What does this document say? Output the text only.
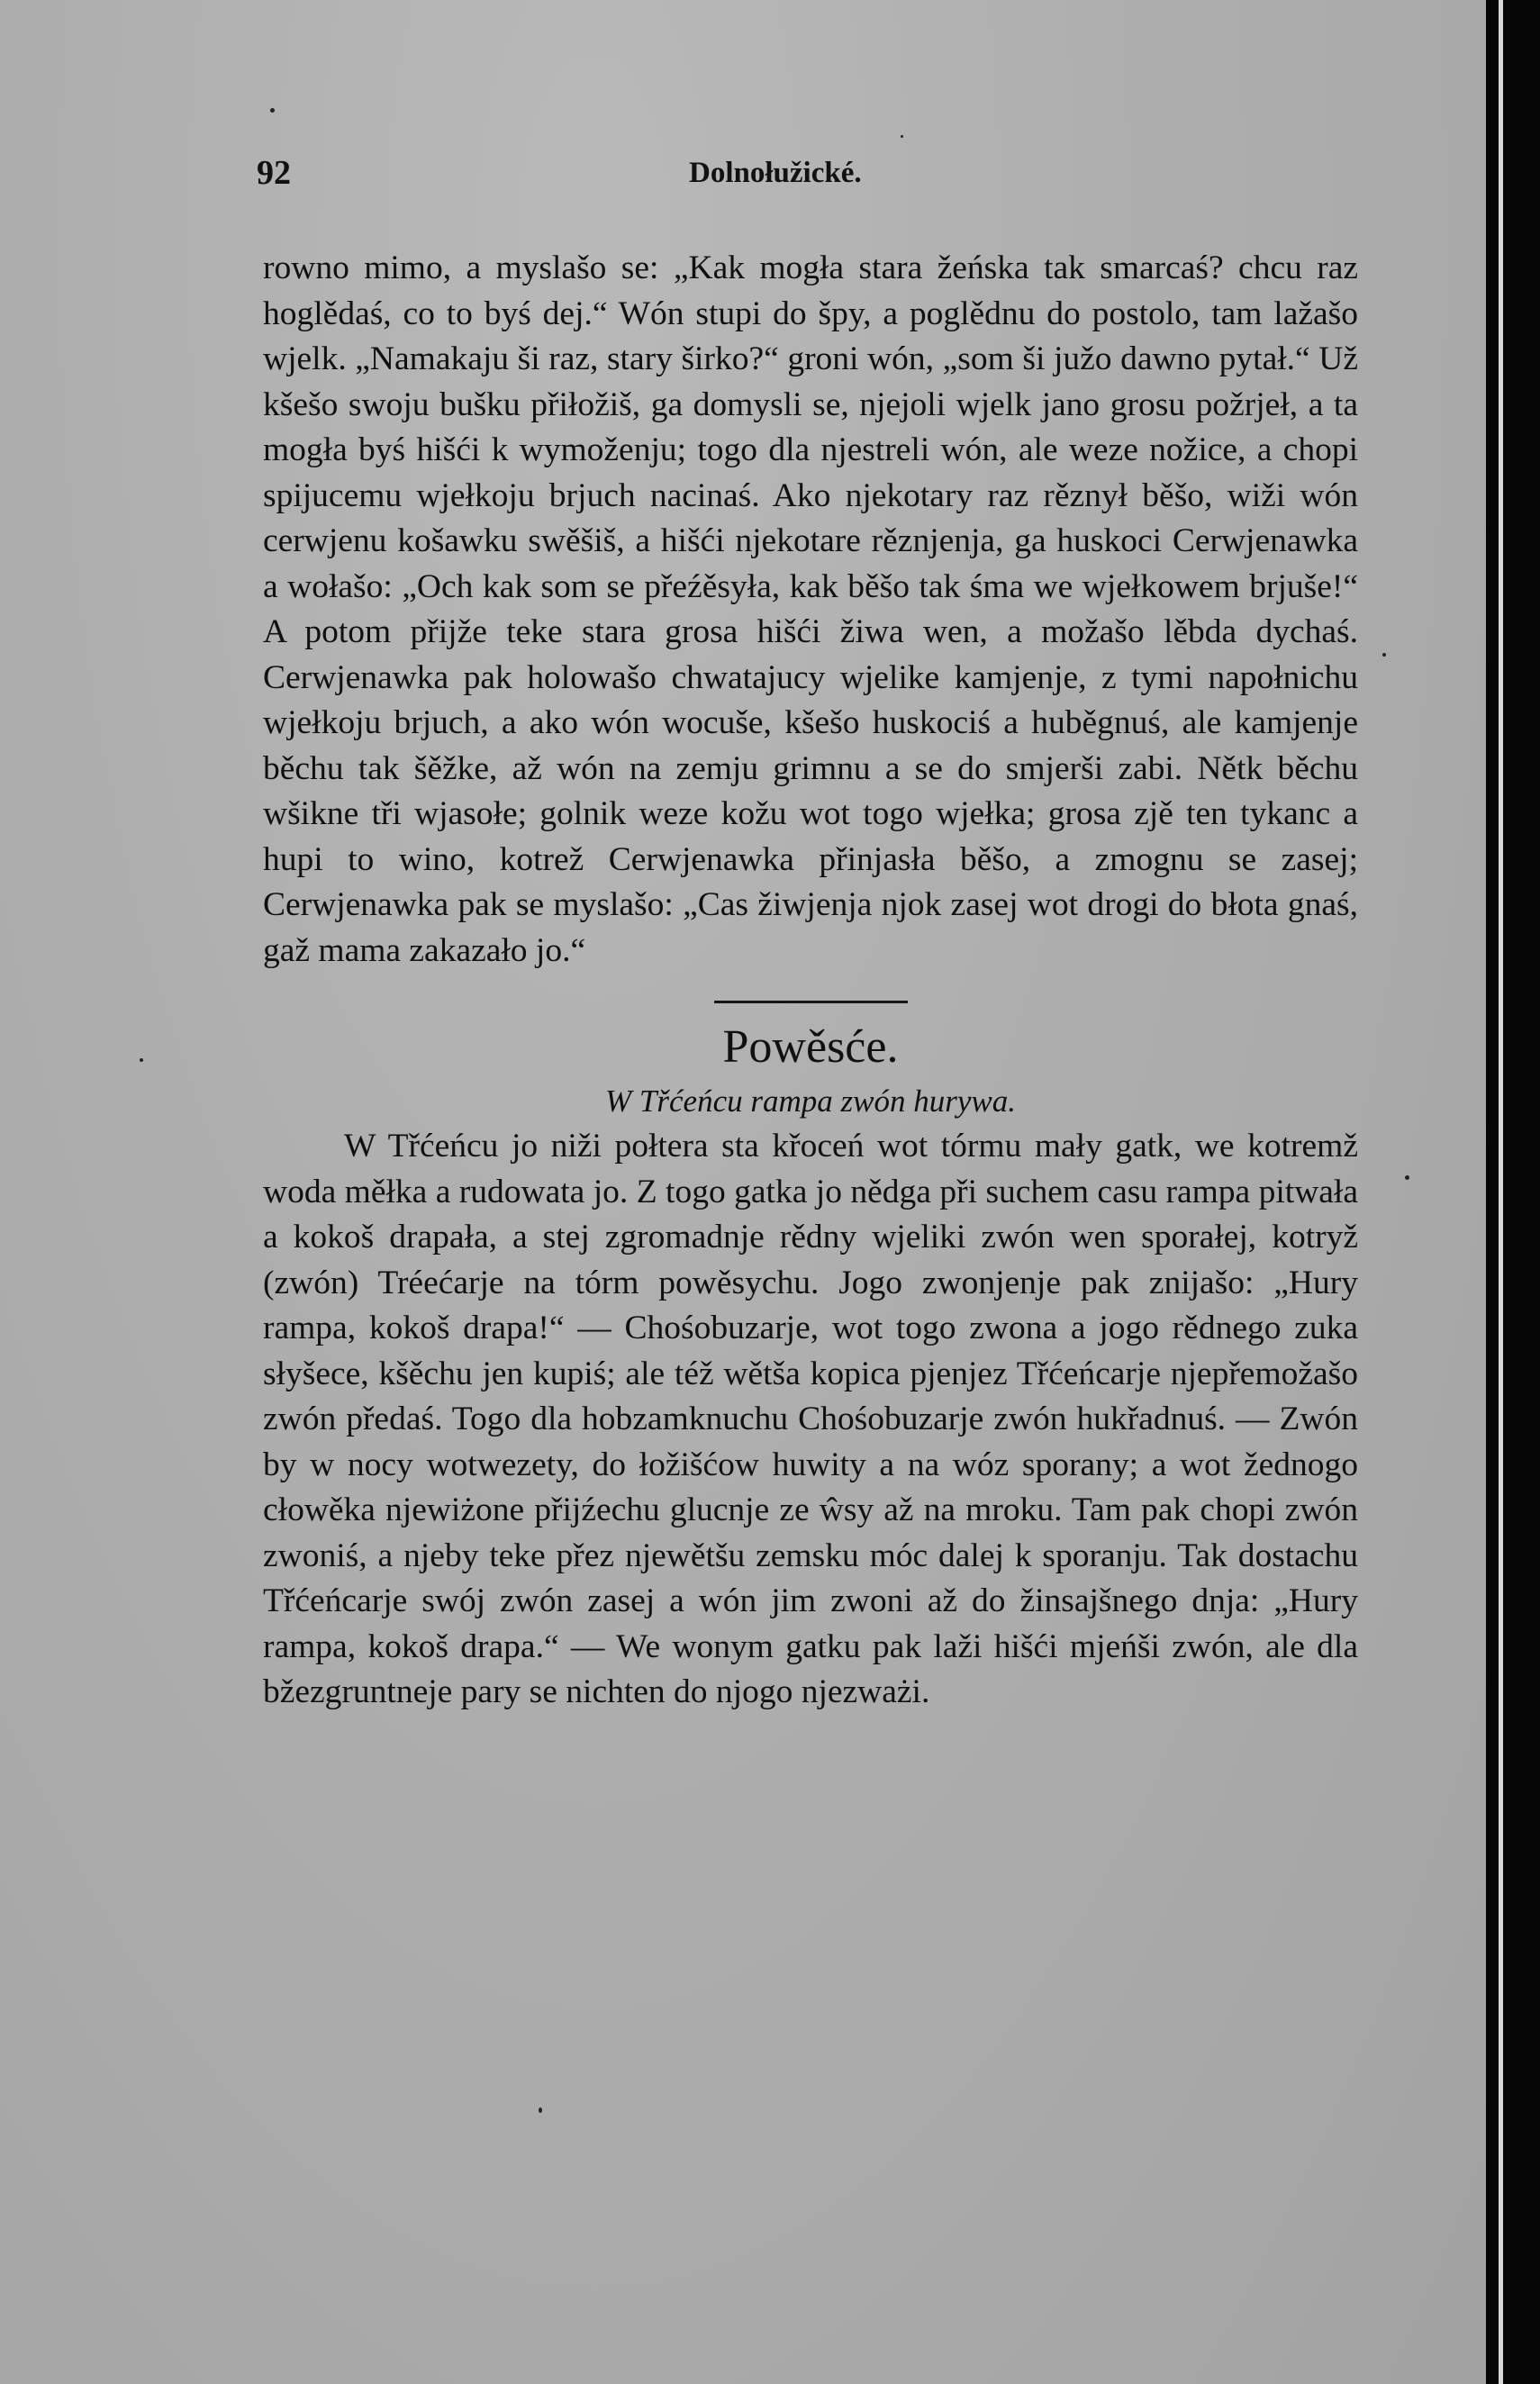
92	Dolnołužické.

rowno mimo, a myslašo se: „Kak mogła stara žeńska tak smarcaś? chcu raz hoglědaś, co to byś dej.“ Wón stupi do špy, a poglědnu do postolo, tam lažašo wjelk. „Namakaju ši raz, stary širko?“ groni wón, „som ši južo dawno pytał.“ Už kšešo swoju bušku přiłožiš, ga domysli se, njejoli wjelk jano grosu požrjeł, a ta mogła byś hišći k wymoženju; togo dla njestreli wón, ale weze nožice, a chopi spijucemu wjełkoju brjuch nacinaś. Ako njekotary raz rěznył běšo, wiži wón cerwjenu košawku swěšiš, a hišći njekotare rěznjenja, ga huskoci Cerwjenawka a wołašo: „Och kak som se přeźěsyła, kak běšo tak śma we wjełkowem brjuše!“ A potom přijže teke stara grosa hišći žiwa wen, a možašo lěbda dychaś. Cerwjenawka pak holowašo chwatajucy wjelike kamjenje, z tymi napołnichu wjełkoju brjuch, a ako wón wocuše, kšešo huskociś a huběgnuś, ale kamjenje běchu tak šěžke, až wón na zemju grimnu a se do smjerši zabi. Nětk běchu wšikne tři wjasołe; golnik weze kožu wot togo wjełka; grosa zjě ten tykanc a hupi to wino, kotrež Cerwjenawka přinjasła běšo, a zmognu se zasej; Cerwjenawka pak se myslašo: „Cas žiwjenja njok zasej wot drogi do błota gnaś, gaž mama zakazało jo.“

Powěsće.

W Třćeńcu rampa zwón hurywa.

W Třćeńcu jo niži połtera sta křoceń wot tórmu mały gatk, we kotremž woda měłka a rudowata jo. Z togo gatka jo nědga při suchem casu rampa pitwała a kokoš drapała, a stej zgromadnje rědny wjeliki zwón wen sporałej, kotryž (zwón) Tréećarje na tórm powěsychu. Jogo zwonjenje pak znijašo: „Hury rampa, kokoš drapa!“ — Chośobuzarje, wot togo zwona a jogo rědnego zuka słyšece, kšěchu jen kupiś; ale též wětša kopica pjenjez Třćeńcarje njepřemožašo zwón předaś. Togo dla hobzamknuchu Chośobuzarje zwón hukřadnuś. — Zwón by w nocy wotwezety, do łožišćow huwity a na wóz sporany; a wot žednogo cłowěka njewiżone přijźechu glucnje ze ŵsy až na mroku. Tam pak chopi zwón zwoniś, a njeby teke přez njewětšu zemsku móc dalej k sporanju. Tak dostachu Třćeńcarje swój zwón zasej a wón jim zwoni až do žinsajšnego dnja: „Hury rampa, kokoš drapa.“ — We wonym gatku pak laži hišći mjeńši zwón, ale dla bžezgruntneje pary se nichten do njogo njezważi.
